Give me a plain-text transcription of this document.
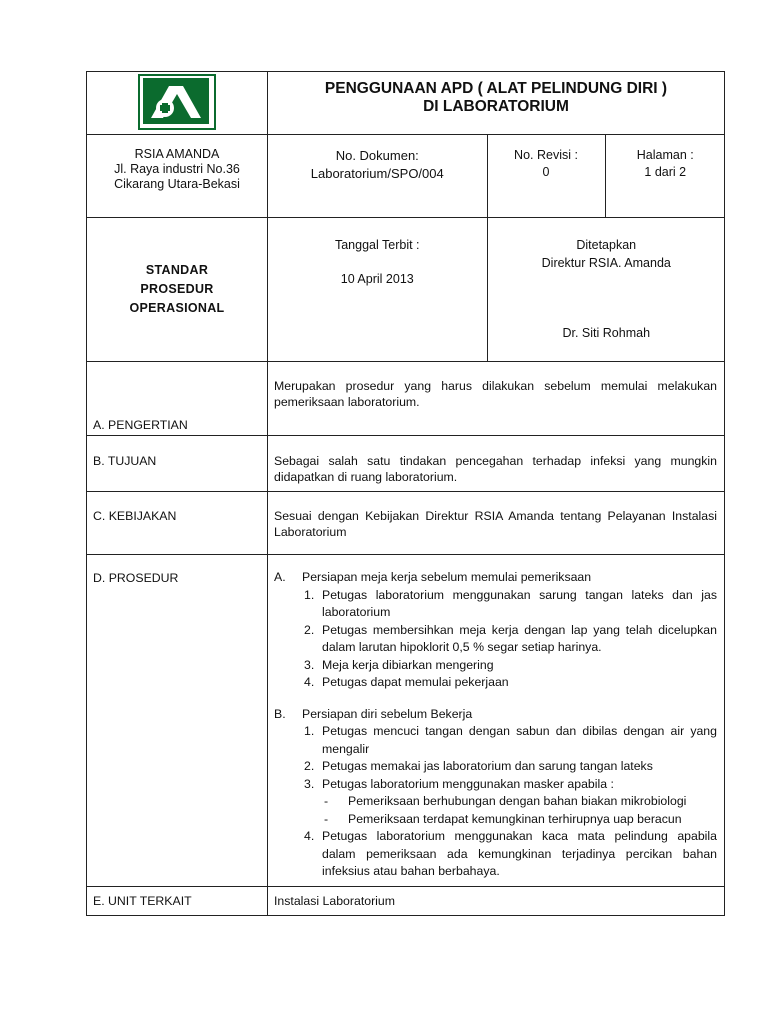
PENGGUNAAN APD ( ALAT PELINDUNG DIRI )
DI LABORATORIUM

RSIA AMANDA
Jl. Raya industri No.36
Cikarang Utara-Bekasi

No. Dokumen:
Laboratorium/SPO/004

No. Revisi :
0

Halaman :
1 dari 2

STANDAR
PROSEDUR
OPERASIONAL

Tanggal Terbit :
10 April 2013

Ditetapkan
Direktur RSIA. Amanda
Dr. Siti Rohmah

A. PENGERTIAN	Merupakan prosedur yang harus dilakukan sebelum memulai melakukan pemeriksaan laboratorium.
B. TUJUAN	Sebagai salah satu tindakan pencegahan terhadap infeksi yang mungkin didapatkan di ruang laboratorium.
C. KEBIJAKAN	Sesuai dengan Kebijakan Direktur RSIA Amanda tentang Pelayanan Instalasi Laboratorium
D. PROSEDUR	A.	Persiapan meja kerja sebelum memulai pemeriksaan
1. Petugas laboratorium menggunakan sarung tangan lateks dan jas laboratorium
2. Petugas membersihkan meja kerja dengan lap yang telah dicelupkan dalam larutan hipoklorit 0,5 % segar setiap harinya.
3. Meja kerja dibiarkan mengering
4. Petugas dapat memulai pekerjaan
B.	Persiapan diri sebelum Bekerja
1. Petugas mencuci tangan dengan sabun dan dibilas dengan air yang mengalir
2. Petugas memakai jas laboratorium dan sarung tangan lateks
3. Petugas laboratorium menggunakan masker apabila :
-	Pemeriksaan berhubungan dengan bahan biakan mikrobiologi
-	Pemeriksaan terdapat kemungkinan terhirupnya uap beracun
4. Petugas laboratorium menggunakan kaca mata pelindung apabila dalam pemeriksaan ada kemungkinan terjadinya percikan bahan infeksius atau bahan berbahaya.

E. UNIT TERKAIT	Instalasi Laboratorium
